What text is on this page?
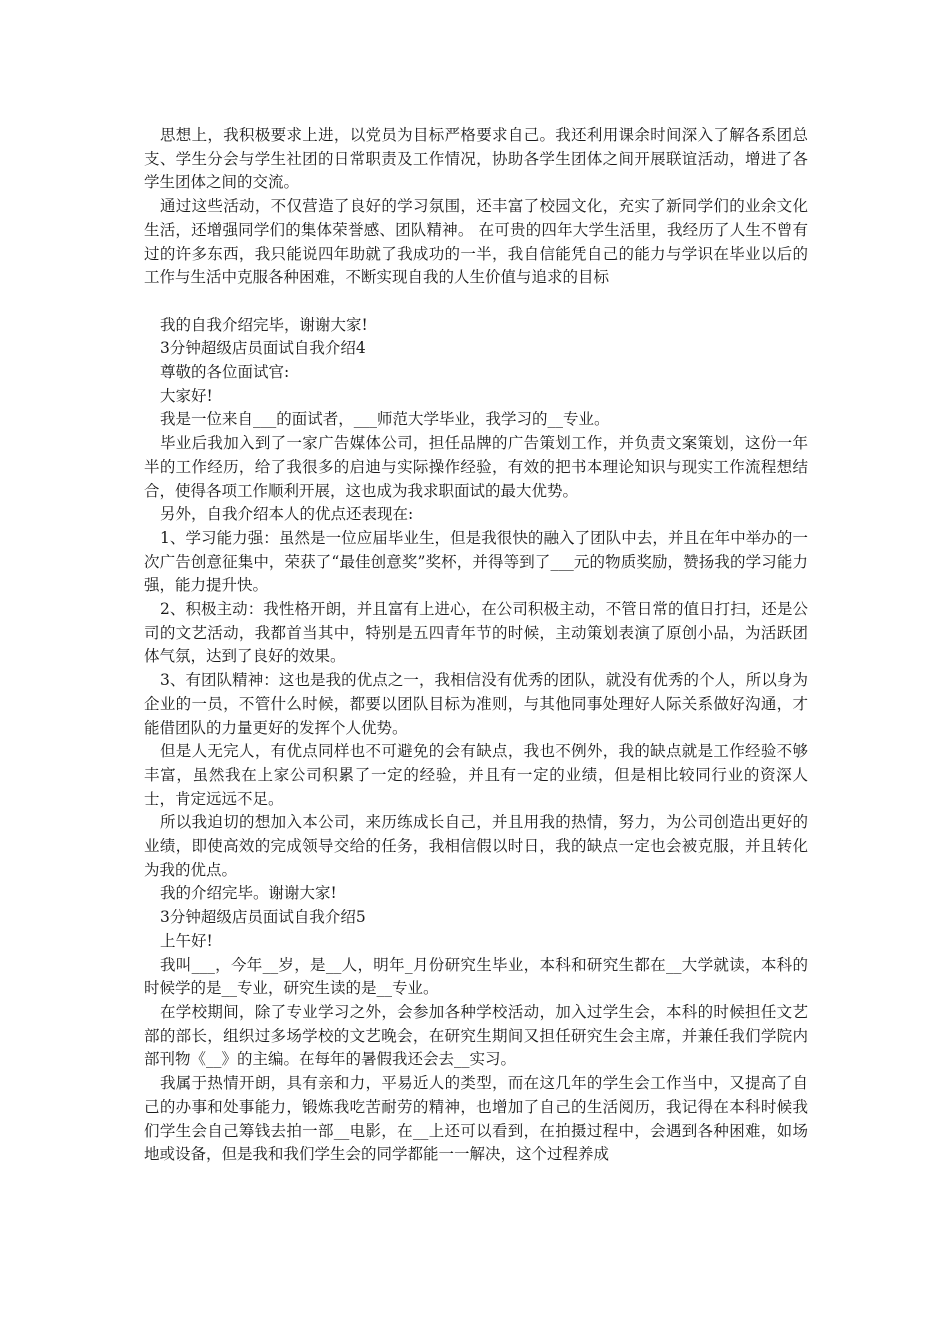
思想上，我积极要求上进，以党员为目标严格要求自己。我还利用课余时间深入了解各系团总支、学生分会与学生社团的日常职责及工作情况，协助各学生团体之间开展联谊活动，增进了各学生团体之间的交流。

通过这些活动，不仅营造了良好的学习氛围，还丰富了校园文化，充实了新同学们的业余文化生活，还增强同学们的集体荣誉感、团队精神。 在可贵的四年大学生活里，我经历了人生不曾有过的许多东西，我只能说四年助就了我成功的一半，我自信能凭自己的能力与学识在毕业以后的工作与生活中克服各种困难，不断实现自我的人生价值与追求的目标

我的自我介绍完毕，谢谢大家!

3分钟超级店员面试自我介绍4

尊敬的各位面试官:

大家好!

我是一位来自___的面试者，___师范大学毕业，我学习的__专业。

毕业后我加入到了一家广告媒体公司，担任品牌的广告策划工作，并负责文案策划，这份一年半的工作经历，给了我很多的启迪与实际操作经验，有效的把书本理论知识与现实工作流程想结合，使得各项工作顺利开展，这也成为我求职面试的最大优势。

另外，自我介绍本人的优点还表现在:

1、学习能力强：虽然是一位应届毕业生，但是我很快的融入了团队中去，并且在年中举办的一次广告创意征集中，荣获了“最佳创意奖”奖杯，并得等到了___元的物质奖励，赞扬我的学习能力强，能力提升快。

2、积极主动：我性格开朗，并且富有上进心，在公司积极主动，不管日常的值日打扫，还是公司的文艺活动，我都首当其中，特别是五四青年节的时候，主动策划表演了原创小品，为活跃团体气氛，达到了良好的效果。

3、有团队精神：这也是我的优点之一，我相信没有优秀的团队，就没有优秀的个人，所以身为企业的一员，不管什么时候，都要以团队目标为准则，与其他同事处理好人际关系做好沟通，才能借团队的力量更好的发挥个人优势。

但是人无完人，有优点同样也不可避免的会有缺点，我也不例外，我的缺点就是工作经验不够丰富，虽然我在上家公司积累了一定的经验，并且有一定的业绩，但是相比较同行业的资深人士，肯定远远不足。

所以我迫切的想加入本公司，来历练成长自己，并且用我的热情，努力，为公司创造出更好的业绩，即使高效的完成领导交给的任务，我相信假以时日，我的缺点一定也会被克服，并且转化为我的优点。

我的介绍完毕。谢谢大家!

3分钟超级店员面试自我介绍5

上午好!

我叫___，今年__岁，是__人，明年_月份研究生毕业，本科和研究生都在__大学就读，本科的时候学的是__专业，研究生读的是__专业。

在学校期间，除了专业学习之外，会参加各种学校活动，加入过学生会，本科的时候担任文艺部的部长，组织过多场学校的文艺晚会，在研究生期间又担任研究生会主席，并兼任我们学院内部刊物《__》的主编。在每年的暑假我还会去__实习。

我属于热情开朗，具有亲和力，平易近人的类型，而在这几年的学生会工作当中，又提高了自己的办事和处事能力，锻炼我吃苦耐劳的精神，也增加了自己的生活阅历，我记得在本科时候我们学生会自己筹钱去拍一部__电影，在__上还可以看到，在拍摄过程中，会遇到各种困难，如场地或设备，但是我和我们学生会的同学都能一一解决，这个过程养成
